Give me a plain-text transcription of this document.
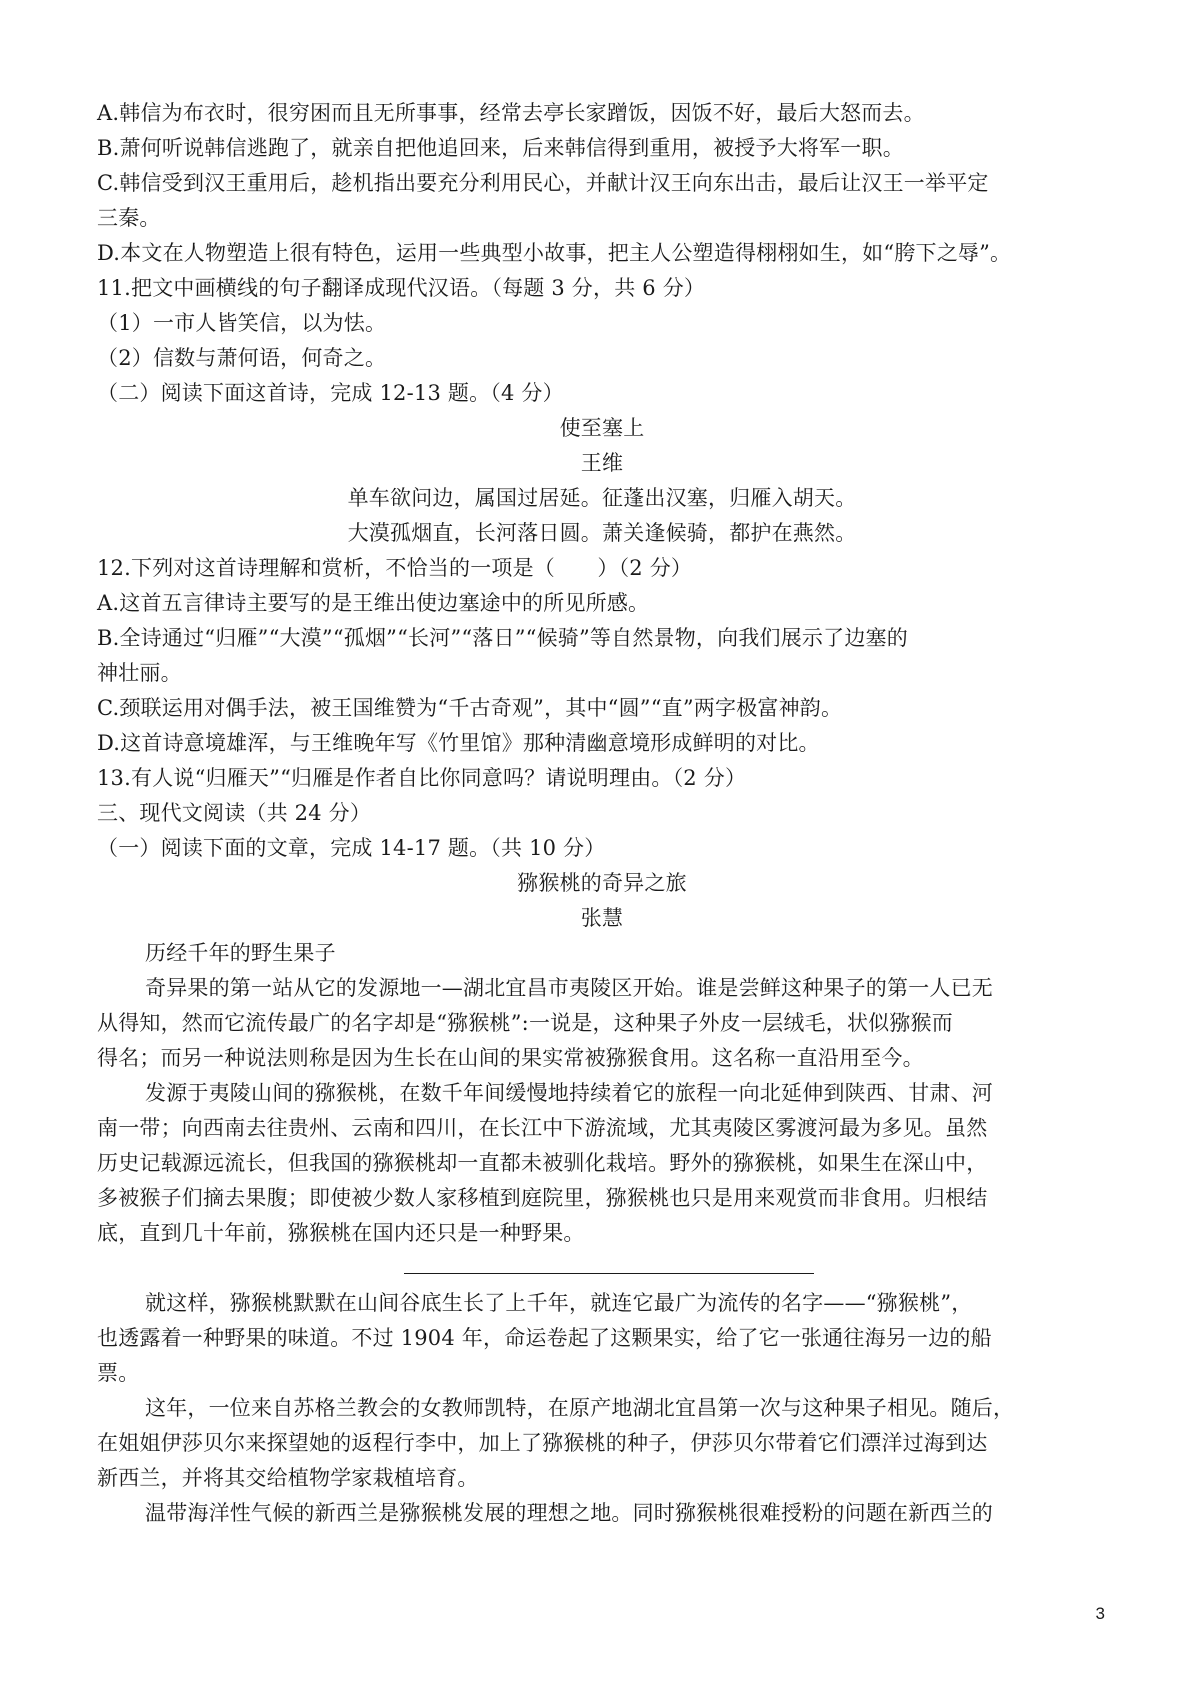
A.韩信为布衣时，很穷困而且无所事事，经常去亭长家蹭饭，因饭不好，最后大怒而去。
B.萧何听说韩信逃跑了，就亲自把他追回来，后来韩信得到重用，被授予大将军一职。
C.韩信受到汉王重用后，趁机指出要充分利用民心，并献计汉王向东出击，最后让汉王一举平定
三秦。
D.本文在人物塑造上很有特色，运用一些典型小故事，把主人公塑造得栩栩如生，如“胯下之辱”。
11.把文中画横线的句子翻译成现代汉语。（每题 3 分，共 6 分）
（1）一市人皆笑信，以为怯。
（2）信数与萧何语，何奇之。
（二）阅读下面这首诗，完成 12-13 题。（4 分）
使至塞上
王维
单车欲问边，属国过居延。征蓬出汉塞，归雁入胡天。
大漠孤烟直，长河落日圆。萧关逢候骑，都护在燕然。
12.下列对这首诗理解和赏析，不恰当的一项是（　　）（2 分）
A.这首五言律诗主要写的是王维出使边塞途中的所见所感。
B.全诗通过“归雁”“大漠”“孤烟”“长河”“落日”“候骑”等自然景物，向我们展示了边塞的
神壮丽。
C.颈联运用对偶手法，被王国维赞为“千古奇观”，其中“圆”“直”两字极富神韵。
D.这首诗意境雄浑，与王维晚年写《竹里馆》那种清幽意境形成鲜明的对比。
13.有人说“归雁天”“归雁是作者自比你同意吗？请说明理由。（2 分）
三、现代文阅读（共 24 分）
（一）阅读下面的文章，完成 14-17 题。（共 10 分）
猕猴桃的奇异之旅
张慧
历经千年的野生果子
奇异果的第一站从它的发源地一—湖北宜昌市夷陵区开始。谁是尝鲜这种果子的第一人已无
从得知，然而它流传最广的名字却是“猕猴桃”:一说是，这种果子外皮一层绒毛，状似猕猴而
得名；而另一种说法则称是因为生长在山间的果实常被猕猴食用。这名称一直沿用至今。
发源于夷陵山间的猕猴桃，在数千年间缓慢地持续着它的旅程一向北延伸到陕西、甘肃、河
南一带；向西南去往贵州、云南和四川，在长江中下游流域，尤其夷陵区雾渡河最为多见。虽然
历史记载源远流长，但我国的猕猴桃却一直都未被驯化栽培。野外的猕猴桃，如果生在深山中，
多被猴子们摘去果腹；即使被少数人家移植到庭院里，猕猴桃也只是用来观赏而非食用。归根结
底，直到几十年前，猕猴桃在国内还只是一种野果。
就这样，猕猴桃默默在山间谷底生长了上千年，就连它最广为流传的名字——“猕猴桃”，
也透露着一种野果的味道。不过 1904 年，命运卷起了这颗果实，给了它一张通往海另一边的船
票。
这年，一位来自苏格兰教会的女教师凯特，在原产地湖北宜昌第一次与这种果子相见。随后，
在姐姐伊莎贝尔来探望她的返程行李中，加上了猕猴桃的种子，伊莎贝尔带着它们漂洋过海到达
新西兰，并将其交给植物学家栽植培育。
温带海洋性气候的新西兰是猕猴桃发展的理想之地。同时猕猴桃很难授粉的问题在新西兰的
3
